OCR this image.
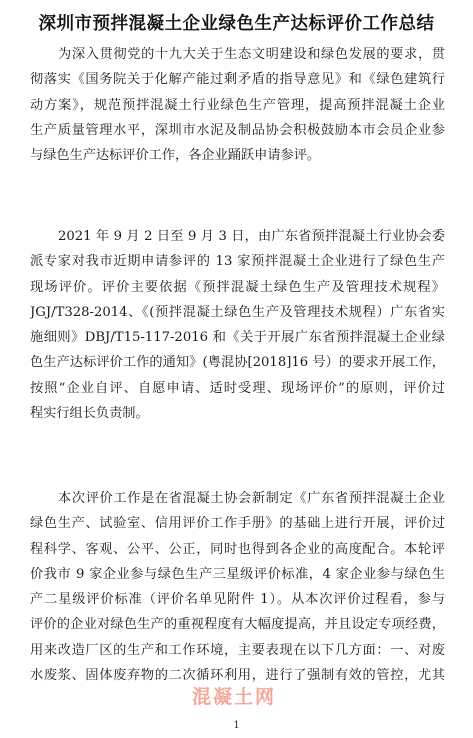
深圳市预拌混凝土企业绿色生产达标评价工作总结
为深入贯彻党的十九大关于生态文明建设和绿色发展的要求，贯
彻落实《国务院关于化解产能过剩矛盾的指导意见》和《绿色建筑行
动方案》，规范预拌混凝土行业绿色生产管理，提高预拌混凝土企业
生产质量管理水平，深圳市水泥及制品协会积极鼓励本市会员企业参
与绿色生产达标评价工作，各企业踊跃申请参评。
2021 年 9 月 2 日至 9 月 3 日，由广东省预拌混凝土行业协会委
派专家对我市近期申请参评的 13 家预拌混凝土企业进行了绿色生产
现场评价。评价主要依据《预拌混凝土绿色生产及管理技术规程》
JGJ/T328-2014、《(预拌混凝土绿色生产及管理技术规程）广东省实
施细则》DBJ/T15-117-2016 和《关于开展广东省预拌混凝土企业绿
色生产达标评价工作的通知》(粤混协[2018]16 号）的要求开展工作，
按照“企业自评、自愿申请、适时受理、现场评价”的原则，评价过
程实行组长负责制。
本次评价工作是在省混凝土协会新制定《广东省预拌混凝土企业
绿色生产、试验室、信用评价工作手册》的基础上进行开展，评价过
程科学、客观、公平、公正，同时也得到各企业的高度配合。本轮评
价我市 9 家企业参与绿色生产三星级评价标准，4 家企业参与绿色生
产二星级评价标准（评价名单见附件 1）。从本次评价过程看，参与
评价的企业对绿色生产的重视程度有大幅度提高，并且设定专项经费，
用来改造厂区的生产和工作环境，主要表现在以下几方面：一、对废
水废浆、固体废弃物的二次循环利用，进行了强制有效的管控，尤其
混凝土网
1
